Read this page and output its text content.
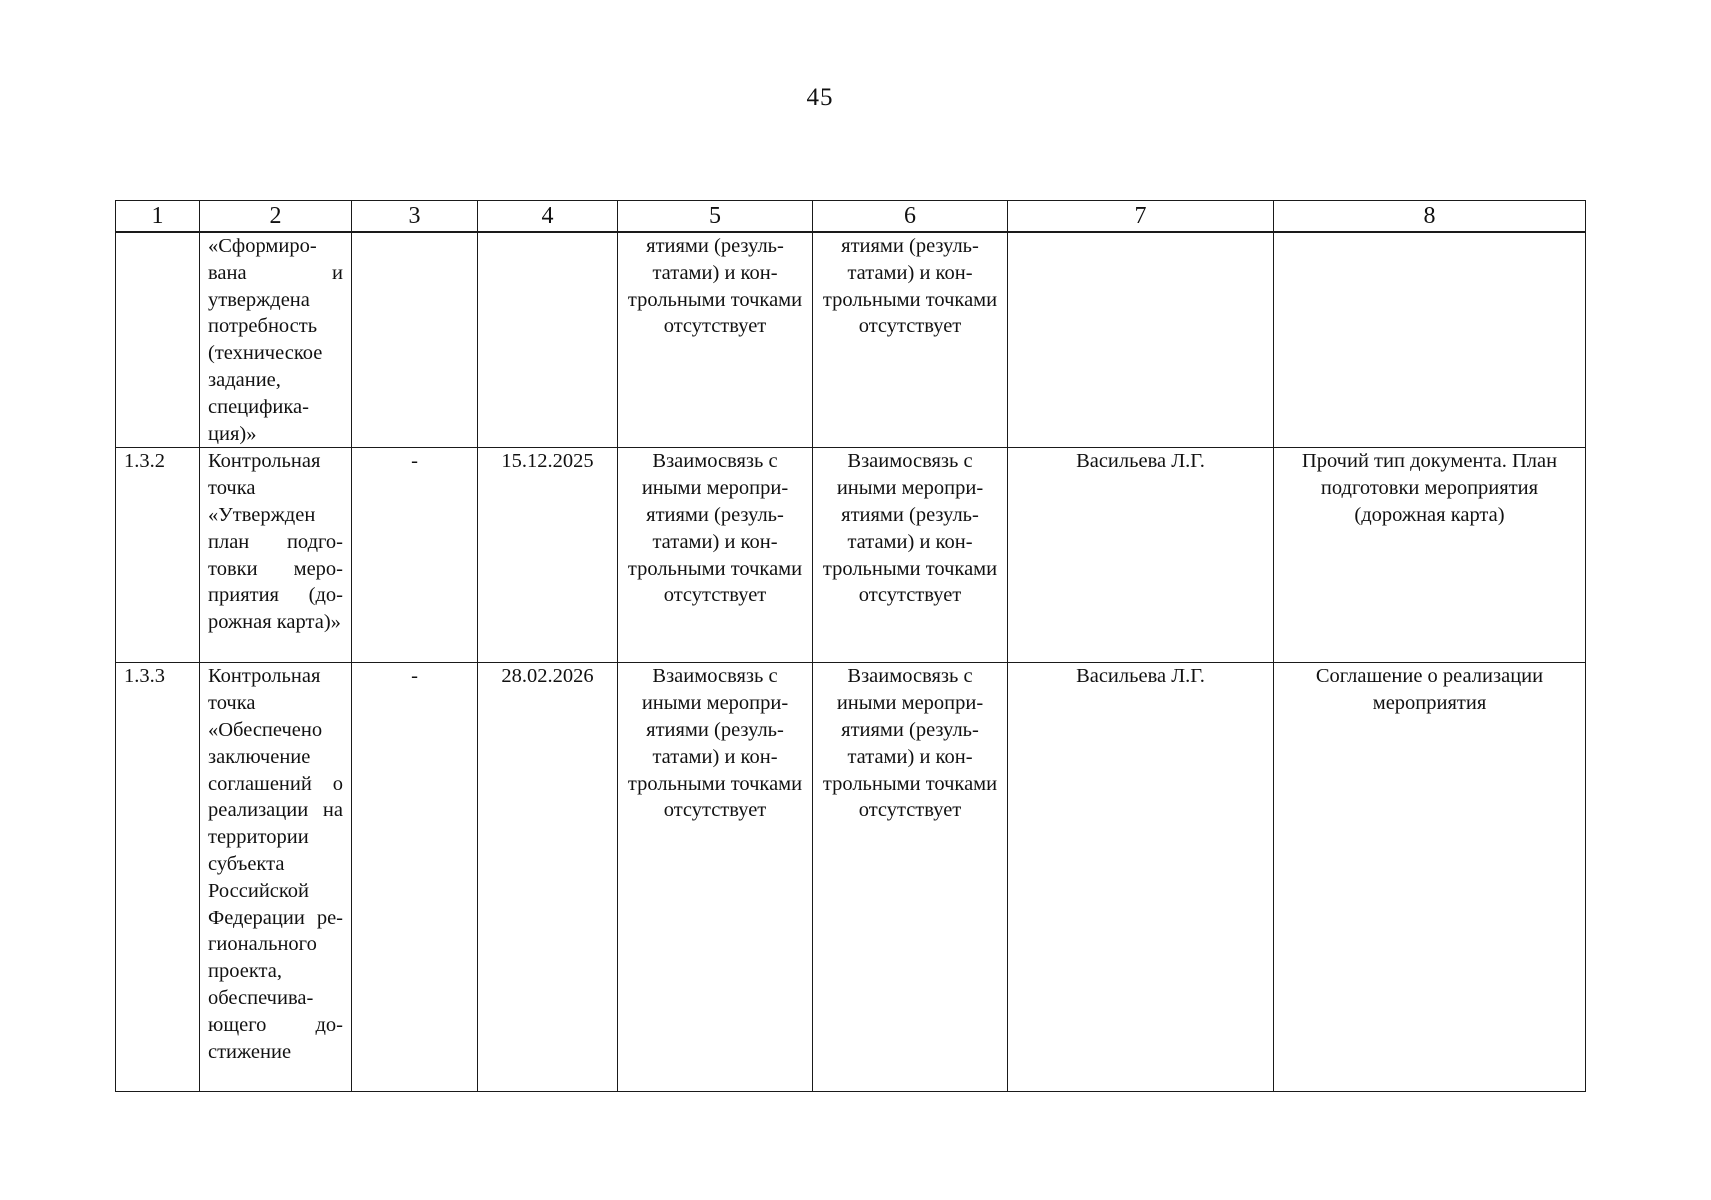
45
1	2	3	4	5	6	7	8
	«Сформирована и утверждена потребность (техническое задание, спецификация)»			ятиями (результатами) и контрольными точками отсутствует	ятиями (результатами) и контрольными точками отсутствует		
1.3.2	Контрольная точка «Утвержден план подготовки мероприятия (дорожная карта)»	-	15.12.2025	Взаимосвязь с иными мероприятиями (результатами) и контрольными точками отсутствует	Взаимосвязь с иными мероприятиями (результатами) и контрольными точками отсутствует	Васильева Л.Г.	Прочий тип документа. План подготовки мероприятия (дорожная карта)
1.3.3	Контрольная точка «Обеспечено заключение соглашений о реализации на территории субъекта Российской Федерации регионального проекта, обеспечивающего достижение	-	28.02.2026	Взаимосвязь с иными мероприятиями (результатами) и контрольными точками отсутствует	Взаимосвязь с иными мероприятиями (результатами) и контрольными точками отсутствует	Васильева Л.Г.	Соглашение о реализации мероприятия
